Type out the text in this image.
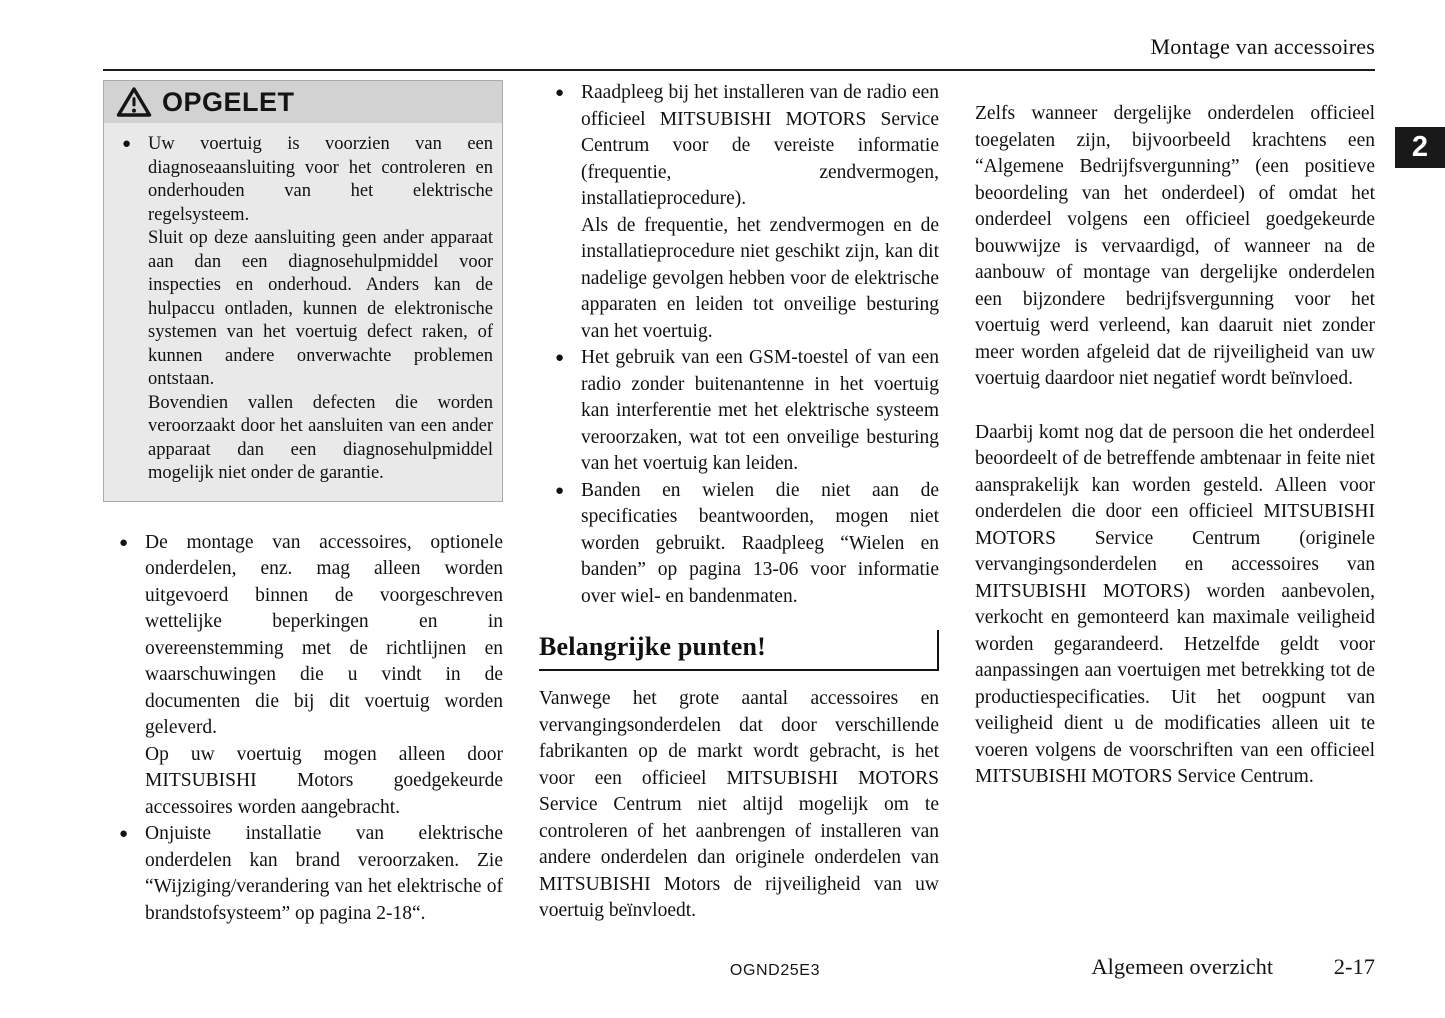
Montage van accessoires
2
OPGELET
● Uw voertuig is voorzien van een diagnoseaansluiting voor het controleren en onderhouden van het elektrische regelsysteem.

Sluit op deze aansluiting geen ander apparaat aan dan een diagnosehulpmiddel voor inspecties en onderhoud. Anders kan de hulpaccu ontladen, kunnen de elektronische systemen van het voertuig defect raken, of kunnen andere onverwachte problemen ontstaan.

Bovendien vallen defecten die worden veroorzaakt door het aansluiten van een ander apparaat dan een diagnosehulpmiddel mogelijk niet onder de garantie.

● De montage van accessoires, optionele onderdelen, enz. mag alleen worden uitgevoerd binnen de voorgeschreven wettelijke beperkingen en in overeenstemming met de richtlijnen en waarschuwingen die u vindt in de documenten die bij dit voertuig worden geleverd.

Op uw voertuig mogen alleen door MITSUBISHI Motors goedgekeurde accessoires worden aangebracht.

● Onjuiste installatie van elektrische onderdelen kan brand veroorzaken. Zie “Wijziging/verandering van het elektrische of brandstofsysteem” op pagina 2-18“.

● Raadpleeg bij het installeren van de radio een officieel MITSUBISHI MOTORS Service Centrum voor de vereiste informatie (frequentie, zendvermogen, installatieprocedure).

Als de frequentie, het zendvermogen en de installatieprocedure niet geschikt zijn, kan dit nadelige gevolgen hebben voor de elektrische apparaten en leiden tot onveilige besturing van het voertuig.

● Het gebruik van een GSM-toestel of van een radio zonder buitenantenne in het voertuig kan interferentie met het elektrische systeem veroorzaken, wat tot een onveilige besturing van het voertuig kan leiden.

● Banden en wielen die niet aan de specificaties beantwoorden, mogen niet worden gebruikt. Raadpleeg “Wielen en banden” op pagina 13-06 voor informatie over wiel- en bandenmaten.

Belangrijke punten!

Vanwege het grote aantal accessoires en vervangingsonderdelen dat door verschillende fabrikanten op de markt wordt gebracht, is het voor een officieel MITSUBISHI MOTORS Service Centrum niet altijd mogelijk om te controleren of het aanbrengen of installeren van andere onderdelen dan originele onderdelen van MITSUBISHI Motors de rijveiligheid van uw voertuig beïnvloedt.

Zelfs wanneer dergelijke onderdelen officieel toegelaten zijn, bijvoorbeeld krachtens een “Algemene Bedrijfsvergunning” (een positieve beoordeling van het onderdeel) of omdat het onderdeel volgens een officieel goedgekeurde bouwwijze is vervaardigd, of wanneer na de aanbouw of montage van dergelijke onderdelen een bijzondere bedrijfsvergunning voor het voertuig werd verleend, kan daaruit niet zonder meer worden afgeleid dat de rijveiligheid van uw voertuig daardoor niet negatief wordt beïnvloed.

Daarbij komt nog dat de persoon die het onderdeel beoordeelt of de betreffende ambtenaar in feite niet aansprakelijk kan worden gesteld. Alleen voor onderdelen die door een officieel MITSUBISHI MOTORS Service Centrum (originele vervangingsonderdelen en accessoires van MITSUBISHI MOTORS) worden aanbevolen, verkocht en gemonteerd kan maximale veiligheid worden gegarandeerd. Hetzelfde geldt voor aanpassingen aan voertuigen met betrekking tot de productiespecificaties. Uit het oogpunt van veiligheid dient u de modificaties alleen uit te voeren volgens de voorschriften van een officieel MITSUBISHI MOTORS Service Centrum.

OGND25E3	Algemeen overzicht	2-17
